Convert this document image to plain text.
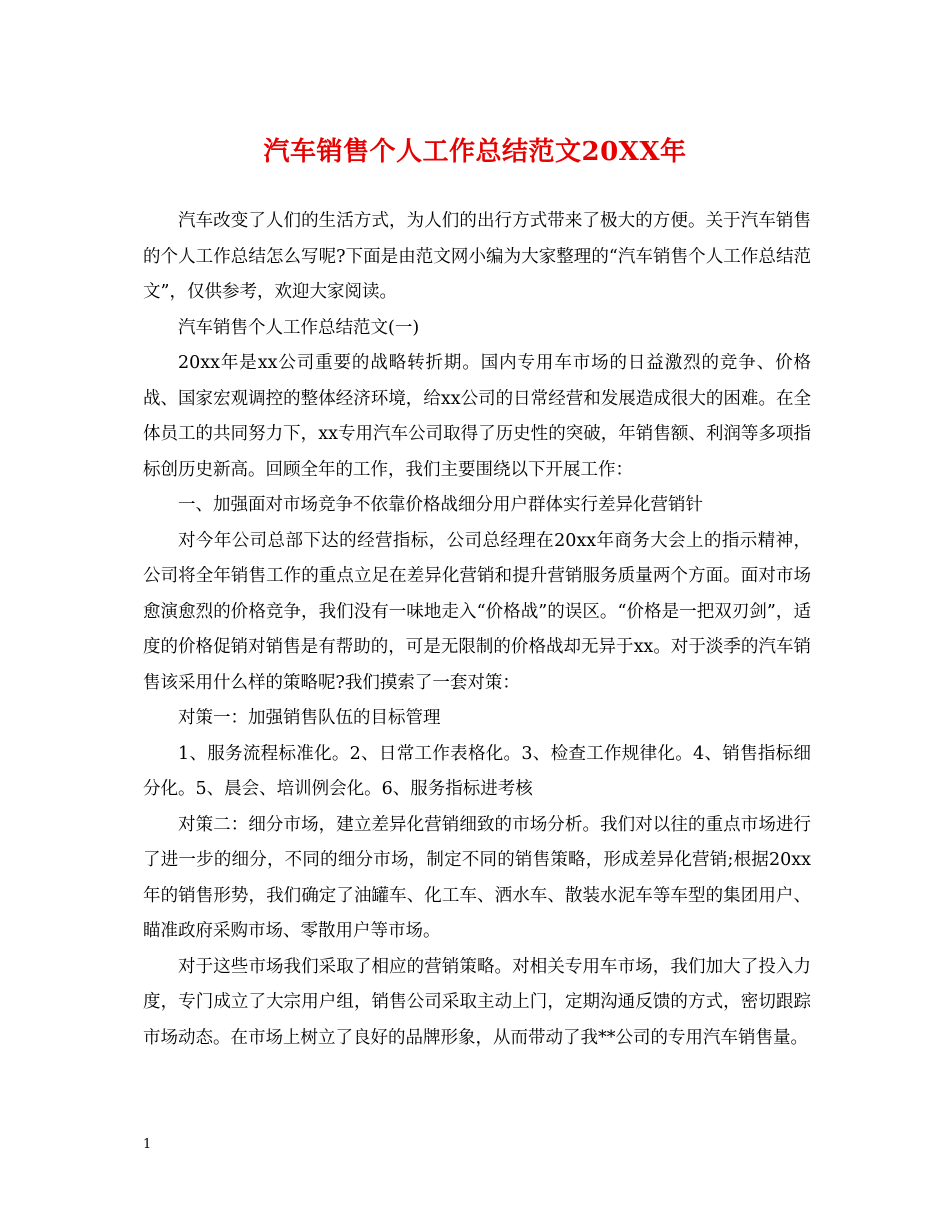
汽车销售个人工作总结范文20XX年

汽车改变了人们的生活方式，为人们的出行方式带来了极大的方便。关于汽车销售的个人工作总结怎么写呢?下面是由范文网小编为大家整理的“汽车销售个人工作总结范文”，仅供参考，欢迎大家阅读。

汽车销售个人工作总结范文(一)

20xx年是xx公司重要的战略转折期。国内专用车市场的日益激烈的竞争、价格战、国家宏观调控的整体经济环境，给xx公司的日常经营和发展造成很大的困难。在全体员工的共同努力下，xx专用汽车公司取得了历史性的突破，年销售额、利润等多项指标创历史新高。回顾全年的工作，我们主要围绕以下开展工作：

一、加强面对市场竞争不依靠价格战细分用户群体实行差异化营销针

对今年公司总部下达的经营指标，公司总经理在20xx年商务大会上的指示精神，公司将全年销售工作的重点立足在差异化营销和提升营销服务质量两个方面。面对市场愈演愈烈的价格竞争，我们没有一味地走入“价格战”的误区。“价格是一把双刃剑”，适度的价格促销对销售是有帮助的，可是无限制的价格战却无异于xx。对于淡季的汽车销售该采用什么样的策略呢?我们摸索了一套对策：

对策一：加强销售队伍的目标管理

1、服务流程标准化。2、日常工作表格化。3、检查工作规律化。4、销售指标细分化。5、晨会、培训例会化。6、服务指标进考核

对策二：细分市场，建立差异化营销细致的市场分析。我们对以往的重点市场进行了进一步的细分，不同的细分市场，制定不同的销售策略，形成差异化营销;根据20xx年的销售形势，我们确定了油罐车、化工车、洒水车、散装水泥车等车型的集团用户、瞄准政府采购市场、零散用户等市场。

对于这些市场我们采取了相应的营销策略。对相关专用车市场，我们加大了投入力度，专门成立了大宗用户组，销售公司采取主动上门，定期沟通反馈的方式，密切跟踪市场动态。在市场上树立了良好的品牌形象，从而带动了我**公司的专用汽车销售量。

1
